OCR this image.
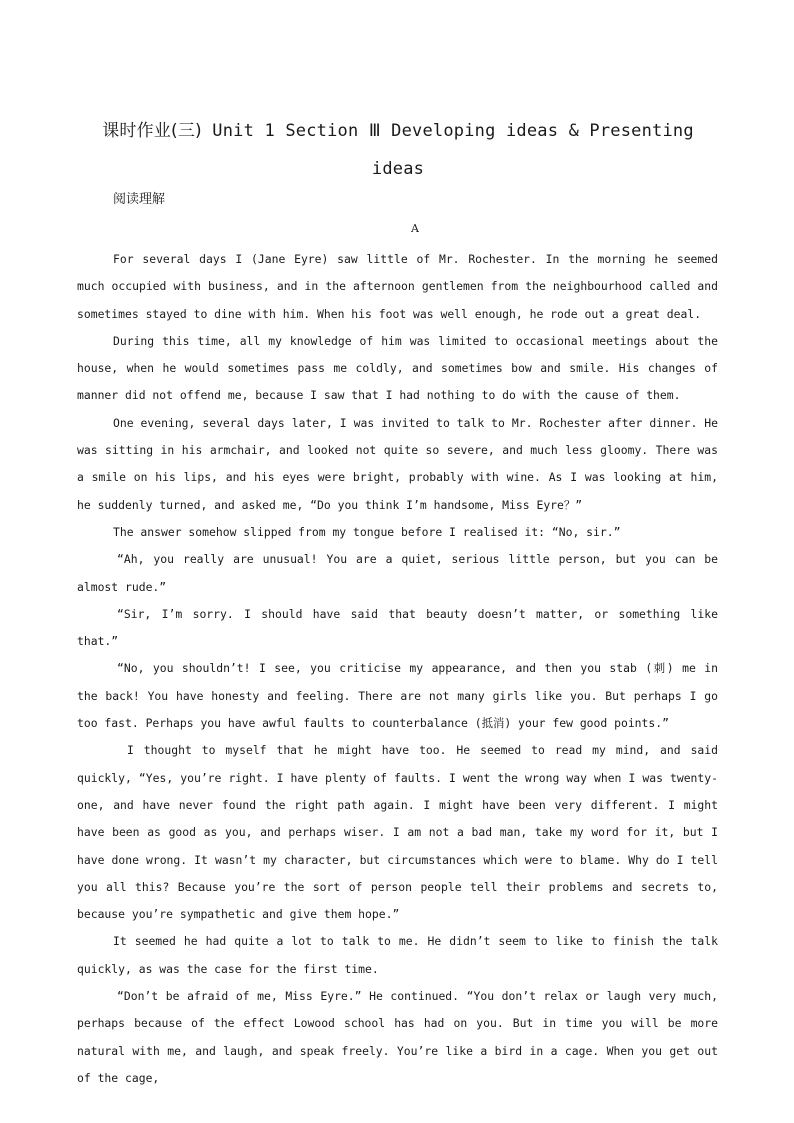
课时作业(三) Unit 1 Section Ⅲ Developing ideas & Presenting
ideas

阅读理解

A

For several days I (Jane Eyre) saw little of Mr. Rochester. In the morning he seemed much occupied with business, and in the afternoon gentlemen from the neighbourhood called and sometimes stayed to dine with him. When his foot was well enough, he rode out a great deal.

During this time, all my knowledge of him was limited to occasional meetings about the house, when he would sometimes pass me coldly, and sometimes bow and smile. His changes of manner did not offend me, because I saw that I had nothing to do with the cause of them.

One evening, several days later, I was invited to talk to Mr. Rochester after dinner. He was sitting in his armchair, and looked not quite so severe, and much less gloomy. There was a smile on his lips, and his eyes were bright, probably with wine. As I was looking at him, he suddenly turned, and asked me, “Do you think I’m handsome, Miss Eyre？”

The answer somehow slipped from my tongue before I realised it: “No, sir.”

“Ah, you really are unusual! You are a quiet, serious little person, but you can be almost rude.”

“Sir, I’m sorry. I should have said that beauty doesn’t matter, or something like that.”

“No, you shouldn’t! I see, you criticise my appearance, and then you stab (刺) me in the back! You have honesty and feeling. There are not many girls like you. But perhaps I go too fast. Perhaps you have awful faults to counterbalance (抵消) your few good points.”

I thought to myself that he might have too. He seemed to read my mind, and said quickly, “Yes, you’re right. I have plenty of faults. I went the wrong way when I was twenty-one, and have never found the right path again. I might have been very different. I might have been as good as you, and perhaps wiser. I am not a bad man, take my word for it, but I have done wrong. It wasn’t my character, but circumstances which were to blame. Why do I tell you all this? Because you’re the sort of person people tell their problems and secrets to, because you’re sympathetic and give them hope.”

It seemed he had quite a lot to talk to me. He didn’t seem to like to finish the talk quickly, as was the case for the first time.

“Don’t be afraid of me, Miss Eyre.” He continued. “You don’t relax or laugh very much, perhaps because of the effect Lowood school has had on you. But in time you will be more natural with me, and laugh, and speak freely. You’re like a bird in a cage. When you get out of the cage,
